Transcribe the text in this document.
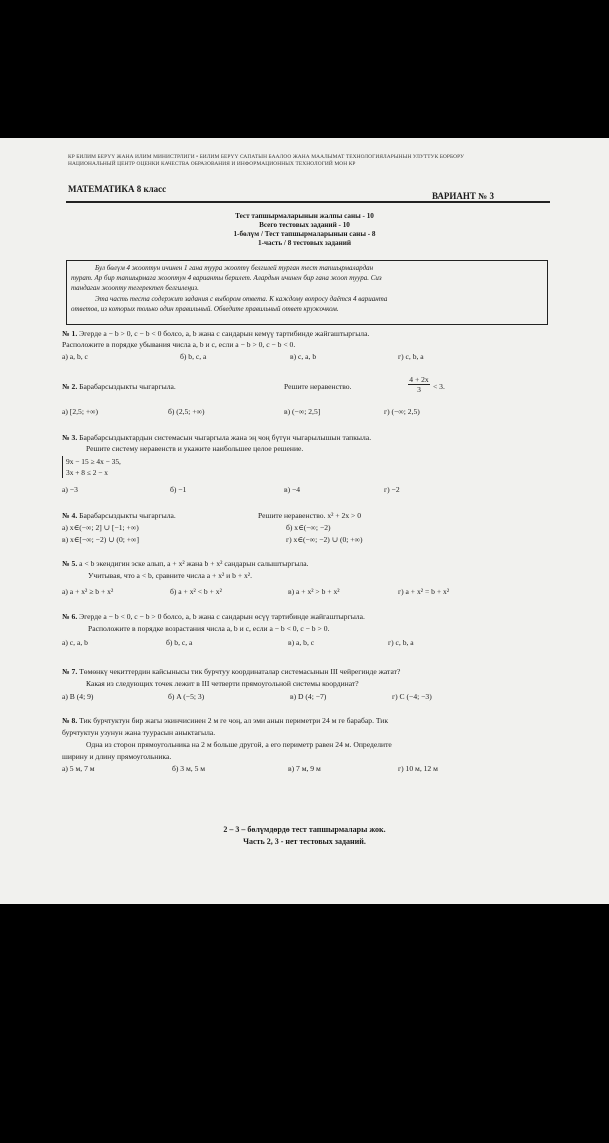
КР БИЛИМ БЕРҮҮ ЖАНА ИЛИМ МИНИСТРЛИГИ • БИЛИМ БЕРҮҮ САПАТЫН БААЛОО ЖАНА МААЛЫМАТ ТЕХНОЛОГИЯЛАРЫНЫН УЛУТТУК БОРБОРУ
НАЦИОНАЛЬНЫЙ ЦЕНТР ОЦЕНКИ КАЧЕСТВА ОБРАЗОВАНИЯ И ИНФОРМАЦИОННЫХ ТЕХНОЛОГИЙ МОН КР
МАТЕМАТИКА 8 класс
ВАРИАНТ № 3
Тест тапшырмаларынын жалпы саны - 10
Всего тестовых заданий - 10
1-бөлүм / Тест тапшырмаларынын саны - 8
1-часть / 8 тестовых заданий
Бул бөлүм 4 жооптун ичинен 1 гана туура жооптү белгилей турган тест тапшырмалардан
турат. Ар бир тапшырмага жооптун 4 варианты берилет. Алардын ичинен бир гана жооп туура. Сиз
тандаган жоопту тегеректеп белгилеңиз.
Эта часть теста содержит задания с выбором ответа. К каждому вопросу даётся 4 варианта
ответов, из которых только один правильный. Обведите правильный ответ кружочком.
№ 1. Эгерде a − b > 0, c − b < 0 болсо, a, b жана c сандарын кемүү тартибинде жайгаштыргыла.
Расположите в порядке убывания числа a, b и c, если a − b > 0, c − b < 0.
а) a, b, c	б) b, c, a	в) c, a, b	г) c, b, a
№ 2. Барабарсыздыкты чыгаргыла.	Решите неравенство.	$\frac{4 + 2x}{3} < 3$.
а) [2,5; +∞)	б) (2,5; +∞)	в) (−∞; 2,5]	г) (−∞; 2,5)
№ 3. Барабарсыздыктардын системасын чыгаргыла жана эң чоң бүтүн чыгарылышын тапкыла.
Решите систему неравенств и укажите наибольшее целое решение.
9x − 15 ≥ 4x − 35,
3x + 8 ≤ 2 − x
а) −3	б) −1	в) −4	г) −2
№ 4. Барабарсыздыкты чыгаргыла.	Решите неравенство. x² + 2x > 0
а) x∈(−∞; 2] ∪ [−1; +∞)	б) x∈(−∞; −2)
в) x∈[−∞; −2) ∪ (0; +∞]	г) x∈(−∞; −2) ∪ (0; +∞)
№ 5. a < b экендигин эске алып, a + x² жана b + x² сандарын салыштыргыла.
Учитывая, что a < b, сравните числа a + x² и b + x².
а) a + x² ≥ b + x²	б) a + x² < b + x²	в) a + x² > b + x²	г) a + x² = b + x²
№ 6. Эгерде a − b < 0, c − b > 0 болсо, a, b жана c сандарын өсүү тартибинде жайгаштыргыла.
Расположите в порядке возрастания числа a, b и c, если a − b < 0, c − b > 0.
а) c, a, b	б) b, c, a	в) a, b, c	г) c, b, a
№ 7. Төмөнкү чекиттердин кайсынысы тик бурчтуу координаталар системасынын III чейрегинде жатат?
Какая из следующих точек лежит в III четверти прямоугольной системы координат?
а) B (4; 9)	б) A (−5; 3)	в) D (4; −7)	г) C (−4; −3)
№ 8. Тик бурчтуктун бир жагы экинчисинен 2 м ге чоң, ал эми анын периметри 24 м ге барабар. Тик
бурчтуктун узунун жана туурасын аныктагыла.
Одна из сторон прямоугольника на 2 м больше другой, а его периметр равен 24 м. Определите
ширину и длину прямоугольника.
а) 5 м, 7 м	б) 3 м, 5 м	в) 7 м, 9 м	г) 10 м, 12 м
2 – 3 – бөлүмдөрдө тест тапшырмалары жок.
Часть 2, 3 - нет тестовых заданий.
